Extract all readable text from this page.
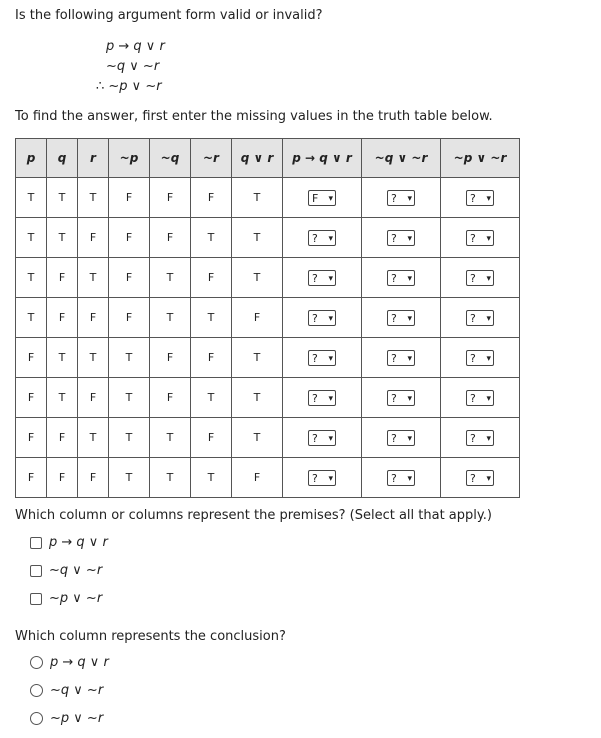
Is the following argument form valid or invalid?
p → q ∨ r
~q ∨ ~r
∴ ~p ∨ ~r
To find the answer, first enter the missing values in the truth table below.
p	q	r	~p	~q	~r	q ∨ r	p → q ∨ r	~q ∨ ~r	~p ∨ ~r
T	T	T	F	F	F	T	F ▾	? ▾	? ▾

T	T	F	F	F	T	T	? ▾	? ▾	? ▾

T	F	T	F	T	F	T	? ▾	? ▾	? ▾

T	F	F	F	T	T	F	? ▾	? ▾	? ▾

F	T	T	T	F	F	T	? ▾	? ▾	? ▾

F	T	F	T	F	T	T	? ▾	? ▾	? ▾

F	F	T	T	T	F	T	? ▾	? ▾	? ▾

F	F	F	T	T	T	F	? ▾	? ▾	? ▾
Which column or columns represent the premises? (Select all that apply.)
p → q ∨ r
~q ∨ ~r
~p ∨ ~r
Which column represents the conclusion?
p → q ∨ r
~q ∨ ~r
~p ∨ ~r
